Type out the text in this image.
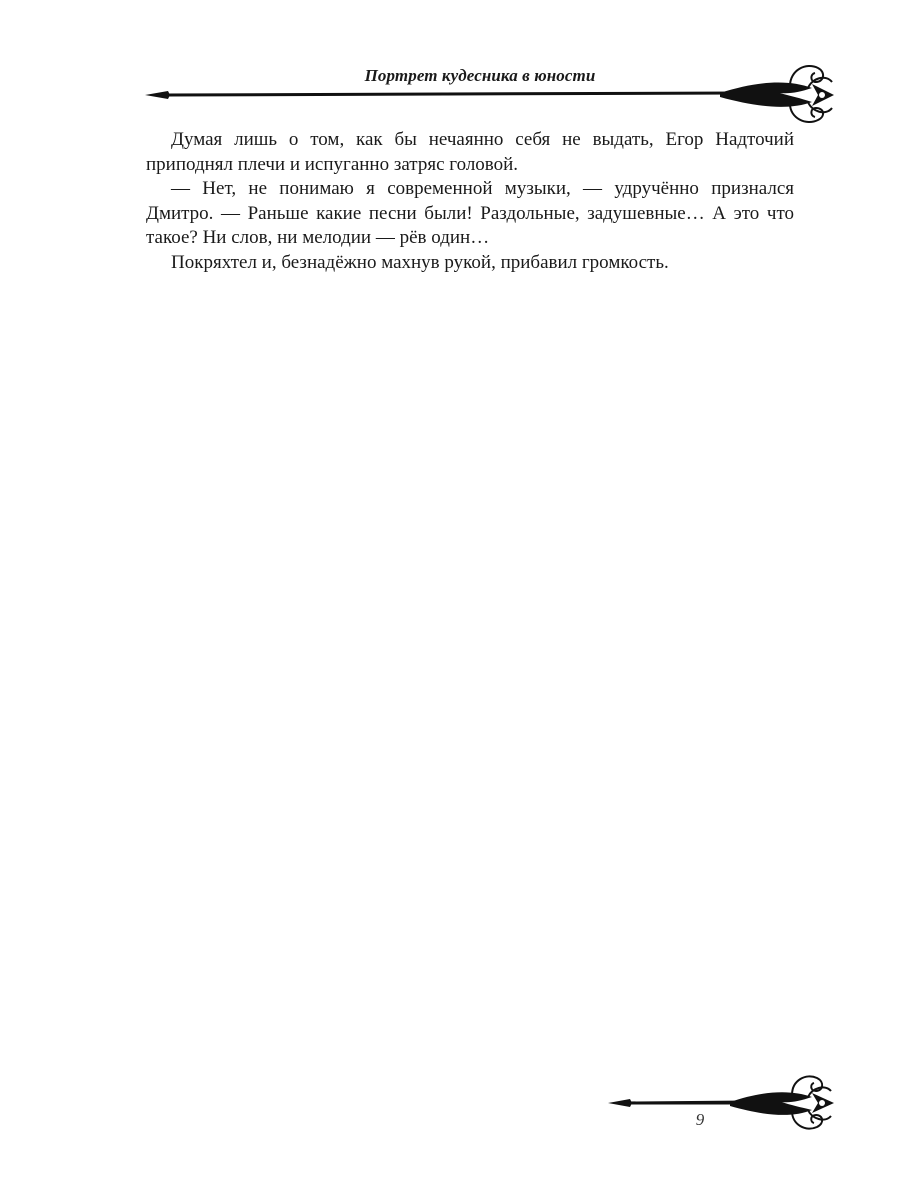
Портрет кудесника в юности

Думая лишь о том, как бы нечаянно себя не выдать, Егор Надточий приподнял плечи и испуганно затряс головой.

— Нет, не понимаю я современной музыки, — удручённо признался Дмитро. — Раньше какие песни были! Раздольные, задушевные… А это что такое? Ни слов, ни мелодии — рёв один…

Покряхтел и, безнадёжно махнув рукой, прибавил громкость.

9
